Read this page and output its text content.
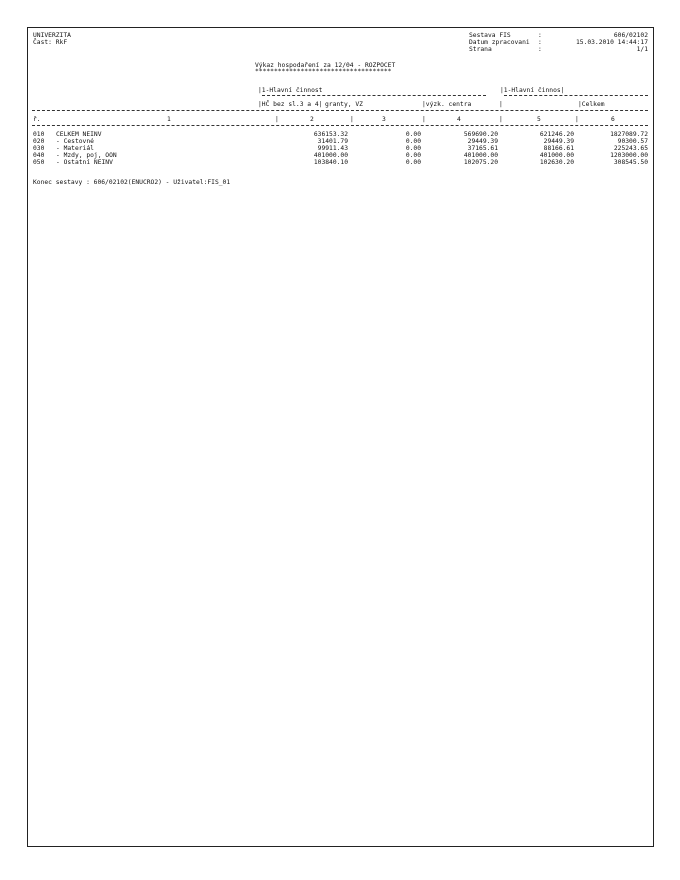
UNIVERZITA
Čast: RkF
Sestava FIS	:	606/02102
Datum zpracovani :	15.03.2010 14:44:17
Strana	:	1/1
Výkaz hospodaření za 12/04 - ROZPOCET
************************************
|1-Hlavní činnost	|1-Hlavní činnos|
|HČ bez sl.3 a 4| granty, VZ	|výzk. centra	|	|Celkem
ř.	1	|	2	|	3	|	4	|	5	|	6
010 CELKEM NEINV	636153.32	0.00	569690.20	621246.20	1827089.72
020 - Cestovné	31401.79	0.00	29449.39	29449.39	90300.57
030 - Materiál	99911.43	0.00	37165.61	88166.61	225243.65
040 - Mzdy, poj, OON	401000.00	0.00	401000.00	401000.00	1203000.00
050 - Ostatní NEINV	103840.10	0.00	102075.20	102630.20	308545.50
Konec sestavy : 606/02102(ENUCRO2) - Uživatel:FIS_01
